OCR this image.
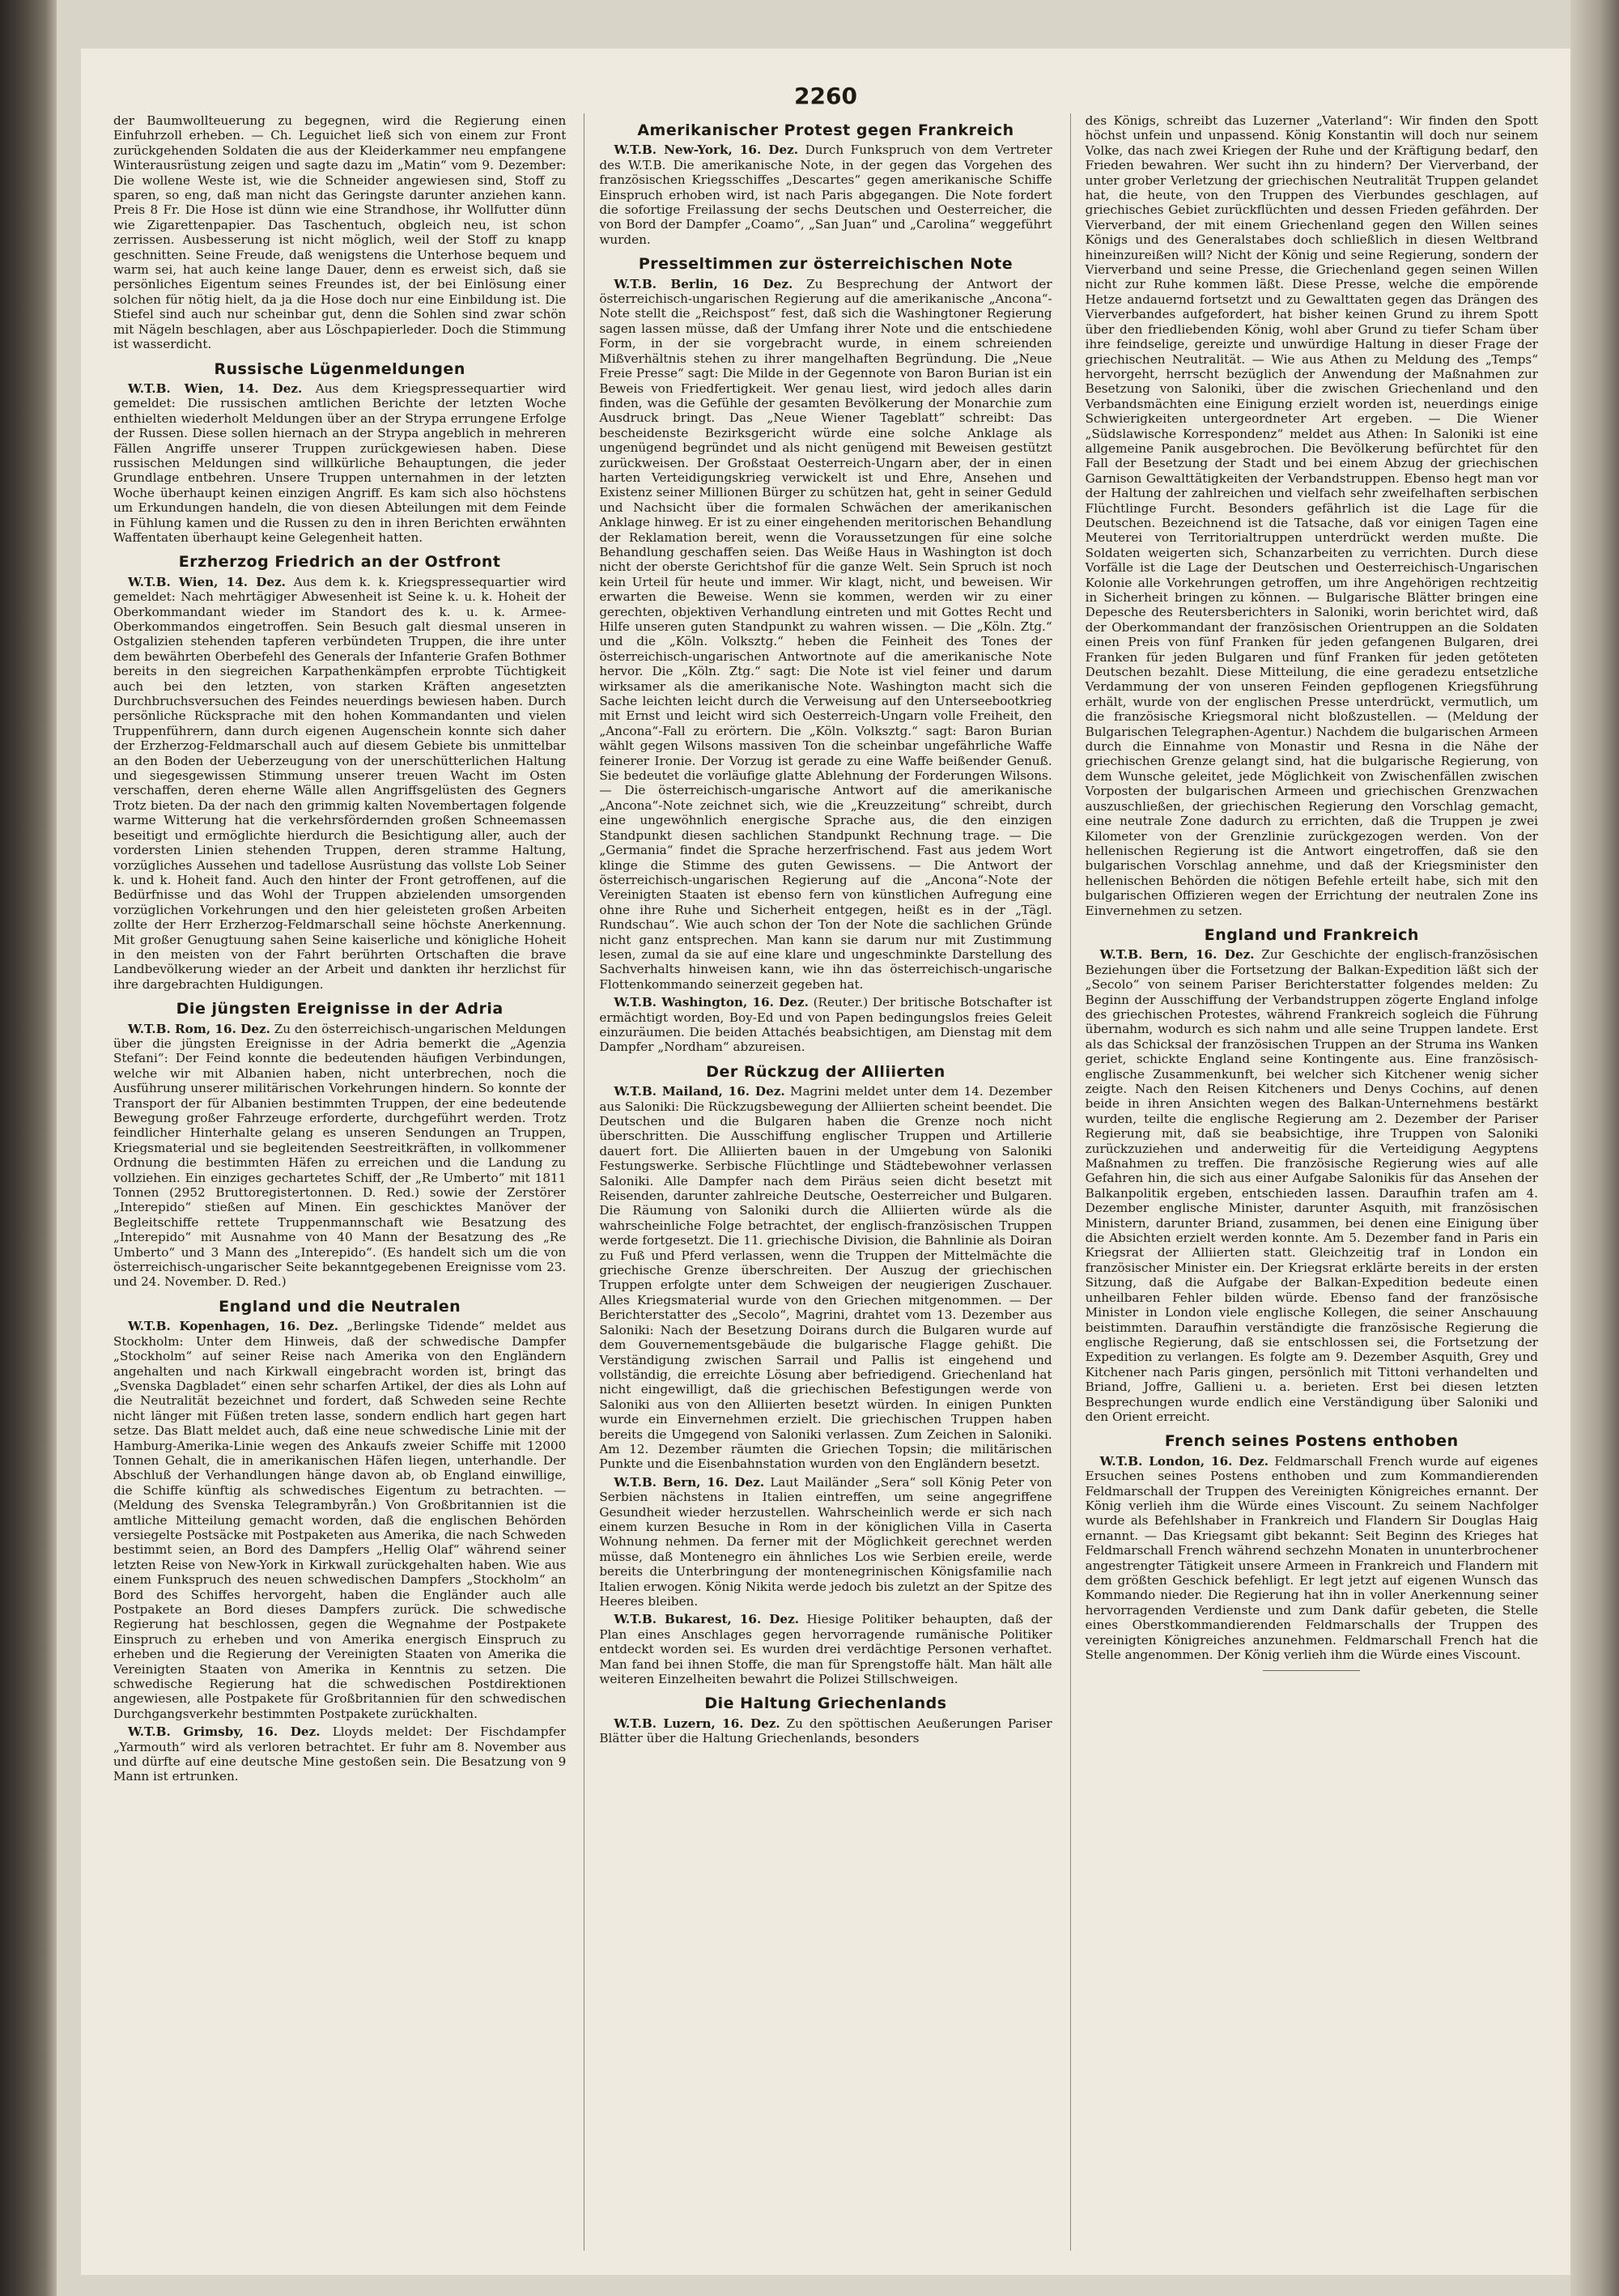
2260

der Baumwollteuerung zu begegnen, wird die Regierung einen Einfuhrzoll erheben. — Ch. Leguichet ließ sich von einem zur Front zurückgehenden Soldaten die aus der Kleiderkammer neu empfangene Winterausrüstung zeigen und sagte dazu im „Matin“ vom 9. Dezember: Die wollene Weste ist, wie die Schneider angewiesen sind, Stoff zu sparen, so eng, daß man nicht das Geringste darunter anziehen kann. Preis 8 Fr. Die Hose ist dünn wie eine Strandhose, ihr Wollfutter dünn wie Zigarettenpapier. Das Taschentuch, obgleich neu, ist schon zerrissen. Ausbesserung ist nicht möglich, weil der Stoff zu knapp geschnitten. Seine Freude, daß wenigstens die Unterhose bequem und warm sei, hat auch keine lange Dauer, denn es erweist sich, daß sie persönliches Eigentum seines Freundes ist, der bei Einlösung einer solchen für nötig hielt, da ja die Hose doch nur eine Einbildung ist. Die Stiefel sind auch nur scheinbar gut, denn die Sohlen sind zwar schön mit Nägeln beschlagen, aber aus Löschpapierleder. Doch die Stimmung ist wasserdicht.

Russische Lügenmeldungen

W.T.B. Wien, 14. Dez. Aus dem Kriegspressequartier wird gemeldet: Die russischen amtlichen Berichte der letzten Woche enthielten wiederholt Meldungen über an der Strypa errungene Erfolge der Russen. Diese sollen hiernach an der Strypa angeblich in mehreren Fällen Angriffe unserer Truppen zurückgewiesen haben. Diese russischen Meldungen sind willkürliche Behauptungen, die jeder Grundlage entbehren. Unsere Truppen unternahmen in der letzten Woche überhaupt keinen einzigen Angriff. Es kam sich also höchstens um Erkundungen handeln, die von diesen Abteilungen mit dem Feinde in Fühlung kamen und die Russen zu den in ihren Berichten erwähnten Waffentaten überhaupt keine Gelegenheit hatten.

Erzherzog Friedrich an der Ostfront

W.T.B. Wien, 14. Dez. Aus dem k. k. Kriegspressequartier wird gemeldet: Nach mehrtägiger Abwesenheit ist Seine k. u. k. Hoheit der Oberkommandant wieder im Standort des k. u. k. Armee-Oberkommandos eingetroffen. Sein Besuch galt diesmal unseren in Ostgalizien stehenden tapferen verbündeten Truppen, die ihre unter dem bewährten Oberbefehl des Generals der Infanterie Grafen Bothmer bereits in den siegreichen Karpathenkämpfen erprobte Tüchtigkeit auch bei den letzten, von starken Kräften angesetzten Durchbruchsversuchen des Feindes neuerdings bewiesen haben. Durch persönliche Rücksprache mit den hohen Kommandanten und vielen Truppenführern, dann durch eigenen Augenschein konnte sich daher der Erzherzog-Feldmarschall auch auf diesem Gebiete bis unmittelbar an den Boden der Ueberzeugung von der unerschütterlichen Haltung und siegesgewissen Stimmung unserer treuen Wacht im Osten verschaffen, deren eherne Wälle allen Angriffsgelüsten des Gegners Trotz bieten. Da der nach den grimmig kalten Novembertagen folgende warme Witterung hat die verkehrsfördernden großen Schneemassen beseitigt und ermöglichte hierdurch die Besichtigung aller, auch der vordersten Linien stehenden Truppen, deren stramme Haltung, vorzügliches Aussehen und tadellose Ausrüstung das vollste Lob Seiner k. und k. Hoheit fand. Auch den hinter der Front getroffenen, auf die Bedürfnisse und das Wohl der Truppen abzielenden umsorgenden vorzüglichen Vorkehrungen und den hier geleisteten großen Arbeiten zollte der Herr Erzherzog-Feldmarschall seine höchste Anerkennung. Mit großer Genugtuung sahen Seine kaiserliche und königliche Hoheit in den meisten von der Fahrt berührten Ortschaften die brave Landbevölkerung wieder an der Arbeit und dankten ihr herzlichst für ihre dargebrachten Huldigungen.

Die jüngsten Ereignisse in der Adria

W.T.B. Rom, 16. Dez. Zu den österreichisch-ungarischen Meldungen über die jüngsten Ereignisse in der Adria bemerkt die „Agenzia Stefani“: Der Feind konnte die bedeutenden häufigen Verbindungen, welche wir mit Albanien haben, nicht unterbrechen, noch die Ausführung unserer militärischen Vorkehrungen hindern. So konnte der Transport der für Albanien bestimmten Truppen, der eine bedeutende Bewegung großer Fahrzeuge erforderte, durchgeführt werden. Trotz feindlicher Hinterhalte gelang es unseren Sendungen an Truppen, Kriegsmaterial und sie begleitenden Seestreitkräften, in vollkommener Ordnung die bestimmten Häfen zu erreichen und die Landung zu vollziehen. Ein einziges gechartetes Schiff, der „Re Umberto“ mit 1811 Tonnen (2952 Bruttoregistertonnen. D. Red.) sowie der Zerstörer „Interepido“ stießen auf Minen. Ein geschicktes Manöver der Begleitschiffe rettete Truppenmannschaft wie Besatzung des „Interepido“ mit Ausnahme von 40 Mann der Besatzung des „Re Umberto“ und 3 Mann des „Interepido“. (Es handelt sich um die von österreichisch-ungarischer Seite bekanntgegebenen Ereignisse vom 23. und 24. November. D. Red.)

England und die Neutralen

W.T.B. Kopenhagen, 16. Dez. „Berlingske Tidende“ meldet aus Stockholm: Unter dem Hinweis, daß der schwedische Dampfer „Stockholm“ auf seiner Reise nach Amerika von den Engländern angehalten und nach Kirkwall eingebracht worden ist, bringt das „Svenska Dagbladet“ einen sehr scharfen Artikel, der dies als Lohn auf die Neutralität bezeichnet und fordert, daß Schweden seine Rechte nicht länger mit Füßen treten lasse, sondern endlich hart gegen hart setze. Das Blatt meldet auch, daß eine neue schwedische Linie mit der Hamburg-Amerika-Linie wegen des Ankaufs zweier Schiffe mit 12000 Tonnen Gehalt, die in amerikanischen Häfen liegen, unterhandle. Der Abschluß der Verhandlungen hänge davon ab, ob England einwillige, die Schiffe künftig als schwedisches Eigentum zu betrachten. — (Meldung des Svenska Telegrambyrån.) Von Großbritannien ist die amtliche Mitteilung gemacht worden, daß die englischen Behörden versiegelte Postsäcke mit Postpaketen aus Amerika, die nach Schweden bestimmt seien, an Bord des Dampfers „Hellig Olaf“ während seiner letzten Reise von New-York in Kirkwall zurückgehalten haben. Wie aus einem Funkspruch des neuen schwedischen Dampfers „Stockholm“ an Bord des Schiffes hervorgeht, haben die Engländer auch alle Postpakete an Bord dieses Dampfers zurück. Die schwedische Regierung hat beschlossen, gegen die Wegnahme der Postpakete Einspruch zu erheben und von Amerika energisch Einspruch zu erheben und die Regierung der Vereinigten Staaten von Amerika die Vereinigten Staaten von Amerika in Kenntnis zu setzen. Die schwedische Regierung hat die schwedischen Postdirektionen angewiesen, alle Postpakete für Großbritannien für den schwedischen Durchgangsverkehr bestimmten Postpakete zurückhalten.

W.T.B. Grimsby, 16. Dez. Lloyds meldet: Der Fischdampfer „Yarmouth“ wird als verloren betrachtet. Er fuhr am 8. November aus und dürfte auf eine deutsche Mine gestoßen sein. Die Besatzung von 9 Mann ist ertrunken.

Amerikanischer Protest gegen Frankreich

W.T.B. New-York, 16. Dez. Durch Funkspruch von dem Vertreter des W.T.B. Die amerikanische Note, in der gegen das Vorgehen des französischen Kriegsschiffes „Descartes“ gegen amerikanische Schiffe Einspruch erhoben wird, ist nach Paris abgegangen. Die Note fordert die sofortige Freilassung der sechs Deutschen und Oesterreicher, die von Bord der Dampfer „Coamo“, „San Juan“ und „Carolina“ weggeführt wurden.

Presseltimmen zur österreichischen Note

W.T.B. Berlin, 16 Dez. Zu Besprechung der Antwort der österreichisch-ungarischen Regierung auf die amerikanische „Ancona“-Note stellt die „Reichspost“ fest, daß sich die Washingtoner Regierung sagen lassen müsse, daß der Umfang ihrer Note und die entschiedene Form, in der sie vorgebracht wurde, in einem schreienden Mißverhältnis stehen zu ihrer mangelhaften Begründung. Die „Neue Freie Presse“ sagt: Die Milde in der Gegennote von Baron Burian ist ein Beweis von Friedfertigkeit. Wer genau liest, wird jedoch alles darin finden, was die Gefühle der gesamten Bevölkerung der Monarchie zum Ausdruck bringt. Das „Neue Wiener Tageblatt“ schreibt: Das bescheidenste Bezirksgericht würde eine solche Anklage als ungenügend begründet und als nicht genügend mit Beweisen gestützt zurückweisen. Der Großstaat Oesterreich-Ungarn aber, der in einen harten Verteidigungskrieg verwickelt ist und Ehre, Ansehen und Existenz seiner Millionen Bürger zu schützen hat, geht in seiner Geduld und Nachsicht über die formalen Schwächen der amerikanischen Anklage hinweg. Er ist zu einer eingehenden meritorischen Behandlung der Reklamation bereit, wenn die Voraussetzungen für eine solche Behandlung geschaffen seien. Das Weiße Haus in Washington ist doch nicht der oberste Gerichtshof für die ganze Welt. Sein Spruch ist noch kein Urteil für heute und immer. Wir klagt, nicht, und beweisen. Wir erwarten die Beweise. Wenn sie kommen, werden wir zu einer gerechten, objektiven Verhandlung eintreten und mit Gottes Recht und Hilfe unseren guten Standpunkt zu wahren wissen. — Die „Köln. Ztg.“ und die „Köln. Volksztg.“ heben die Feinheit des Tones der österreichisch-ungarischen Antwortnote auf die amerikanische Note hervor. Die „Köln. Ztg.“ sagt: Die Note ist viel feiner und darum wirksamer als die amerikanische Note. Washington macht sich die Sache leichten leicht durch die Verweisung auf den Unterseebootkrieg mit Ernst und leicht wird sich Oesterreich-Ungarn volle Freiheit, den „Ancona“-Fall zu erörtern. Die „Köln. Volksztg.“ sagt: Baron Burian wählt gegen Wilsons massiven Ton die scheinbar ungefährliche Waffe feinerer Ironie. Der Vorzug ist gerade zu eine Waffe beißender Genuß. Sie bedeutet die vorläufige glatte Ablehnung der Forderungen Wilsons. — Die österreichisch-ungarische Antwort auf die amerikanische „Ancona“-Note zeichnet sich, wie die „Kreuzzeitung“ schreibt, durch eine ungewöhnlich energische Sprache aus, die den einzigen Standpunkt diesen sachlichen Standpunkt Rechnung trage. — Die „Germania“ findet die Sprache herzerfrischend. Fast aus jedem Wort klinge die Stimme des guten Gewissens. — Die Antwort der österreichisch-ungarischen Regierung auf die „Ancona“-Note der Vereinigten Staaten ist ebenso fern von künstlichen Aufregung eine ohne ihre Ruhe und Sicherheit entgegen, heißt es in der „Tägl. Rundschau“. Wie auch schon der Ton der Note die sachlichen Gründe nicht ganz entsprechen. Man kann sie darum nur mit Zustimmung lesen, zumal da sie auf eine klare und ungeschminkte Darstellung des Sachverhalts hinweisen kann, wie ihn das österreichisch-ungarische Flottenkommando seinerzeit gegeben hat.

W.T.B. Washington, 16. Dez. (Reuter.) Der britische Botschafter ist ermächtigt worden, Boy-Ed und von Papen bedingungslos freies Geleit einzuräumen. Die beiden Attachés beabsichtigen, am Dienstag mit dem Dampfer „Nordham“ abzureisen.

Der Rückzug der Alliierten

W.T.B. Mailand, 16. Dez. Magrini meldet unter dem 14. Dezember aus Saloniki: Die Rückzugsbewegung der Alliierten scheint beendet. Die Deutschen und die Bulgaren haben die Grenze noch nicht überschritten. Die Ausschiffung englischer Truppen und Artillerie dauert fort. Die Alliierten bauen in der Umgebung von Saloniki Festungswerke. Serbische Flüchtlinge und Städtebewohner verlassen Saloniki. Alle Dampfer nach dem Piräus seien dicht besetzt mit Reisenden, darunter zahlreiche Deutsche, Oesterreicher und Bulgaren. Die Räumung von Saloniki durch die Alliierten würde als die wahrscheinliche Folge betrachtet, der englisch-französischen Truppen werde fortgesetzt. Die 11. griechische Division, die Bahnlinie als Doiran zu Fuß und Pferd verlassen, wenn die Truppen der Mittelmächte die griechische Grenze überschreiten. Der Auszug der griechischen Truppen erfolgte unter dem Schweigen der neugierigen Zuschauer. Alles Kriegsmaterial wurde von den Griechen mitgenommen. — Der Berichterstatter des „Secolo“, Magrini, drahtet vom 13. Dezember aus Saloniki: Nach der Besetzung Doirans durch die Bulgaren wurde auf dem Gouvernementsgebäude die bulgarische Flagge gehißt. Die Verständigung zwischen Sarrail und Pallis ist eingehend und vollständig, die erreichte Lösung aber befriedigend. Griechenland hat nicht eingewilligt, daß die griechischen Befestigungen werde von Saloniki aus von den Alliierten besetzt würden. In einigen Punkten wurde ein Einvernehmen erzielt. Die griechischen Truppen haben bereits die Umgegend von Saloniki verlassen. Zum Zeichen in Saloniki. Am 12. Dezember räumten die Griechen Topsin; die militärischen Punkte und die Eisenbahnstation wurden von den Engländern besetzt.

W.T.B. Bern, 16. Dez. Laut Mailänder „Sera“ soll König Peter von Serbien nächstens in Italien eintreffen, um seine angegriffene Gesundheit wieder herzustellen. Wahrscheinlich werde er sich nach einem kurzen Besuche in Rom in der königlichen Villa in Caserta Wohnung nehmen. Da ferner mit der Möglichkeit gerechnet werden müsse, daß Montenegro ein ähnliches Los wie Serbien ereile, werde bereits die Unterbringung der montenegrinischen Königsfamilie nach Italien erwogen. König Nikita werde jedoch bis zuletzt an der Spitze des Heeres bleiben.

W.T.B. Bukarest, 16. Dez. Hiesige Politiker behaupten, daß der Plan eines Anschlages gegen hervorragende rumänische Politiker entdeckt worden sei. Es wurden drei verdächtige Personen verhaftet. Man fand bei ihnen Stoffe, die man für Sprengstoffe hält. Man hält alle weiteren Einzelheiten bewahrt die Polizei Stillschweigen.

Die Haltung Griechenlands

W.T.B. Luzern, 16. Dez. Zu den spöttischen Aeußerungen Pariser Blätter über die Haltung Griechenlands, besonders

des Königs, schreibt das Luzerner „Vaterland“: Wir finden den Spott höchst unfein und unpassend. König Konstantin will doch nur seinem Volke, das nach zwei Kriegen der Ruhe und der Kräftigung bedarf, den Frieden bewahren. Wer sucht ihn zu hindern? Der Vierverband, der unter grober Verletzung der griechischen Neutralität Truppen gelandet hat, die heute, von den Truppen des Vierbundes geschlagen, auf griechisches Gebiet zurückflüchten und dessen Frieden gefährden. Der Vierverband, der mit einem Griechenland gegen den Willen seines Königs und des Generalstabes doch schließlich in diesen Weltbrand hineinzureißen will? Nicht der König und seine Regierung, sondern der Vierverband und seine Presse, die Griechenland gegen seinen Willen nicht zur Ruhe kommen läßt. Diese Presse, welche die empörende Hetze andauernd fortsetzt und zu Gewalttaten gegen das Drängen des Vierverbandes aufgefordert, hat bisher keinen Grund zu ihrem Spott über den friedliebenden König, wohl aber Grund zu tiefer Scham über ihre feindselige, gereizte und unwürdige Haltung in dieser Frage der griechischen Neutralität. — Wie aus Athen zu Meldung des „Temps“ hervorgeht, herrscht bezüglich der Anwendung der Maßnahmen zur Besetzung von Saloniki, über die zwischen Griechenland und den Verbandsmächten eine Einigung erzielt worden ist, neuerdings einige Schwierigkeiten untergeordneter Art ergeben. — Die Wiener „Südslawische Korrespondenz“ meldet aus Athen: In Saloniki ist eine allgemeine Panik ausgebrochen. Die Bevölkerung befürchtet für den Fall der Besetzung der Stadt und bei einem Abzug der griechischen Garnison Gewalttätigkeiten der Verbandstruppen. Ebenso hegt man vor der Haltung der zahlreichen und vielfach sehr zweifelhaften serbischen Flüchtlinge Furcht. Besonders gefährlich ist die Lage für die Deutschen. Bezeichnend ist die Tatsache, daß vor einigen Tagen eine Meuterei von Territorialtruppen unterdrückt werden mußte. Die Soldaten weigerten sich, Schanzarbeiten zu verrichten. Durch diese Vorfälle ist die Lage der Deutschen und Oesterreichisch-Ungarischen Kolonie alle Vorkehrungen getroffen, um ihre Angehörigen rechtzeitig in Sicherheit bringen zu können. — Bulgarische Blätter bringen eine Depesche des Reutersberichters in Saloniki, worin berichtet wird, daß der Oberkommandant der französischen Orientruppen an die Soldaten einen Preis von fünf Franken für jeden gefangenen Bulgaren, drei Franken für jeden Bulgaren und fünf Franken für jeden getöteten Deutschen bezahlt. Diese Mitteilung, die eine geradezu entsetzliche Verdammung der von unseren Feinden gepflogenen Kriegsführung erhält, wurde von der englischen Presse unterdrückt, vermutlich, um die französische Kriegsmoral nicht bloßzustellen. — (Meldung der Bulgarischen Telegraphen-Agentur.) Nachdem die bulgarischen Armeen durch die Einnahme von Monastir und Resna in die Nähe der griechischen Grenze gelangt sind, hat die bulgarische Regierung, von dem Wunsche geleitet, jede Möglichkeit von Zwischenfällen zwischen Vorposten der bulgarischen Armeen und griechischen Grenzwachen auszuschließen, der griechischen Regierung den Vorschlag gemacht, eine neutrale Zone dadurch zu errichten, daß die Truppen je zwei Kilometer von der Grenzlinie zurückgezogen werden. Von der hellenischen Regierung ist die Antwort eingetroffen, daß sie den bulgarischen Vorschlag annehme, und daß der Kriegsminister den hellenischen Behörden die nötigen Befehle erteilt habe, sich mit den bulgarischen Offizieren wegen der Errichtung der neutralen Zone ins Einvernehmen zu setzen.

England und Frankreich

W.T.B. Bern, 16. Dez. Zur Geschichte der englisch-französischen Beziehungen über die Fortsetzung der Balkan-Expedition läßt sich der „Secolo“ von seinem Pariser Berichterstatter folgendes melden: Zu Beginn der Ausschiffung der Verbandstruppen zögerte England infolge des griechischen Protestes, während Frankreich sogleich die Führung übernahm, wodurch es sich nahm und alle seine Truppen landete. Erst als das Schicksal der französischen Truppen an der Struma ins Wanken geriet, schickte England seine Kontingente aus. Eine französisch-englische Zusammenkunft, bei welcher sich Kitchener wenig sicher zeigte. Nach den Reisen Kitcheners und Denys Cochins, auf denen beide in ihren Ansichten wegen des Balkan-Unternehmens bestärkt wurden, teilte die englische Regierung am 2. Dezember der Pariser Regierung mit, daß sie beabsichtige, ihre Truppen von Saloniki zurückzuziehen und anderweitig für die Verteidigung Aegyptens Maßnahmen zu treffen. Die französische Regierung wies auf alle Gefahren hin, die sich aus einer Aufgabe Salonikis für das Ansehen der Balkanpolitik ergeben, entschieden lassen. Daraufhin trafen am 4. Dezember englische Minister, darunter Asquith, mit französischen Ministern, darunter Briand, zusammen, bei denen eine Einigung über die Absichten erzielt werden konnte. Am 5. Dezember fand in Paris ein Kriegsrat der Alliierten statt. Gleichzeitig traf in London ein französischer Minister ein. Der Kriegsrat erklärte bereits in der ersten Sitzung, daß die Aufgabe der Balkan-Expedition bedeute einen unheilbaren Fehler bilden würde. Ebenso fand der französische Minister in London viele englische Kollegen, die seiner Anschauung beistimmten. Daraufhin verständigte die französische Regierung die englische Regierung, daß sie entschlossen sei, die Fortsetzung der Expedition zu verlangen. Es folgte am 9. Dezember Asquith, Grey und Kitchener nach Paris gingen, persönlich mit Tittoni verhandelten und Briand, Joffre, Gallieni u. a. berieten. Erst bei diesen letzten Besprechungen wurde endlich eine Verständigung über Saloniki und den Orient erreicht.

French seines Postens enthoben

W.T.B. London, 16. Dez. Feldmarschall French wurde auf eigenes Ersuchen seines Postens enthoben und zum Kommandierenden Feldmarschall der Truppen des Vereinigten Königreiches ernannt. Der König verlieh ihm die Würde eines Viscount. Zu seinem Nachfolger wurde als Befehlshaber in Frankreich und Flandern Sir Douglas Haig ernannt. — Das Kriegsamt gibt bekannt: Seit Beginn des Krieges hat Feldmarschall French während sechzehn Monaten in ununterbrochener angestrengter Tätigkeit unsere Armeen in Frankreich und Flandern mit dem größten Geschick befehligt. Er legt jetzt auf eigenen Wunsch das Kommando nieder. Die Regierung hat ihn in voller Anerkennung seiner hervorragenden Verdienste und zum Dank dafür gebeten, die Stelle eines Oberstkommandierenden Feldmarschalls der Truppen des vereinigten Königreiches anzunehmen. Feldmarschall French hat die Stelle angenommen. Der König verlieh ihm die Würde eines Viscount.
